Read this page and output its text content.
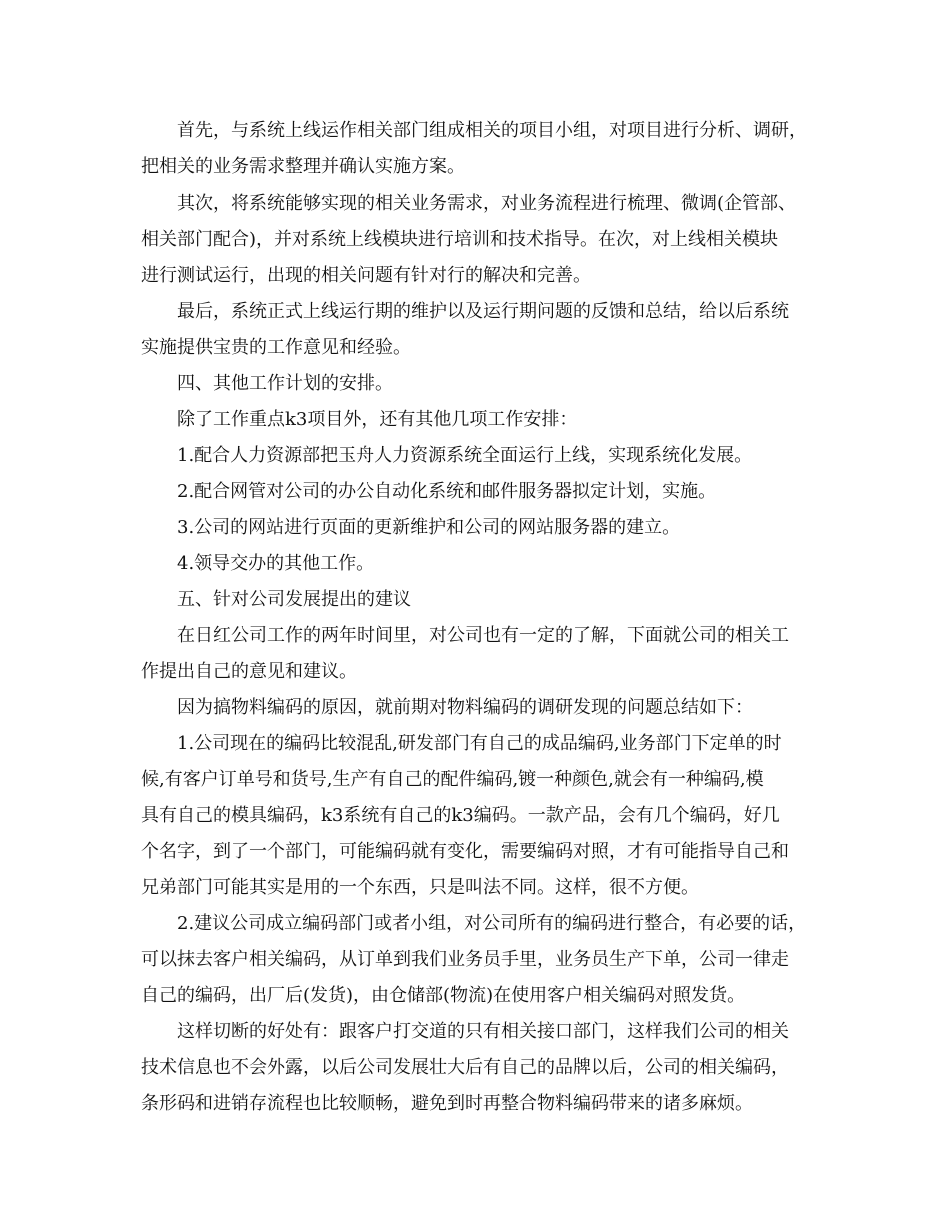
首先，与系统上线运作相关部门组成相关的项目小组，对项目进行分析、调研，
把相关的业务需求整理并确认实施方案。
其次，将系统能够实现的相关业务需求，对业务流程进行梳理、微调(企管部、
相关部门配合)，并对系统上线模块进行培训和技术指导。在次，对上线相关模块
进行测试运行，出现的相关问题有针对行的解决和完善。
最后，系统正式上线运行期的维护以及运行期问题的反馈和总结，给以后系统
实施提供宝贵的工作意见和经验。
四、其他工作计划的安排。
除了工作重点k3项目外，还有其他几项工作安排：
1.配合人力资源部把玉舟人力资源系统全面运行上线，实现系统化发展。
2.配合网管对公司的办公自动化系统和邮件服务器拟定计划，实施。
3.公司的网站进行页面的更新维护和公司的网站服务器的建立。
4.领导交办的其他工作。
五、针对公司发展提出的建议
在日红公司工作的两年时间里，对公司也有一定的了解，下面就公司的相关工
作提出自己的意见和建议。
因为搞物料编码的原因，就前期对物料编码的调研发现的问题总结如下：
1.公司现在的编码比较混乱,研发部门有自己的成品编码,业务部门下定单的时
候,有客户订单号和货号,生产有自己的配件编码,镀一种颜色,就会有一种编码,模
具有自己的模具编码，k3系统有自己的k3编码。一款产品，会有几个编码，好几
个名字，到了一个部门，可能编码就有变化，需要编码对照，才有可能指导自己和
兄弟部门可能其实是用的一个东西，只是叫法不同。这样，很不方便。
2.建议公司成立编码部门或者小组，对公司所有的编码进行整合，有必要的话，
可以抹去客户相关编码，从订单到我们业务员手里，业务员生产下单，公司一律走
自己的编码，出厂后(发货)，由仓储部(物流)在使用客户相关编码对照发货。
这样切断的好处有：跟客户打交道的只有相关接口部门，这样我们公司的相关
技术信息也不会外露，以后公司发展壮大后有自己的品牌以后，公司的相关编码，
条形码和进销存流程也比较顺畅，避免到时再整合物料编码带来的诸多麻烦。
